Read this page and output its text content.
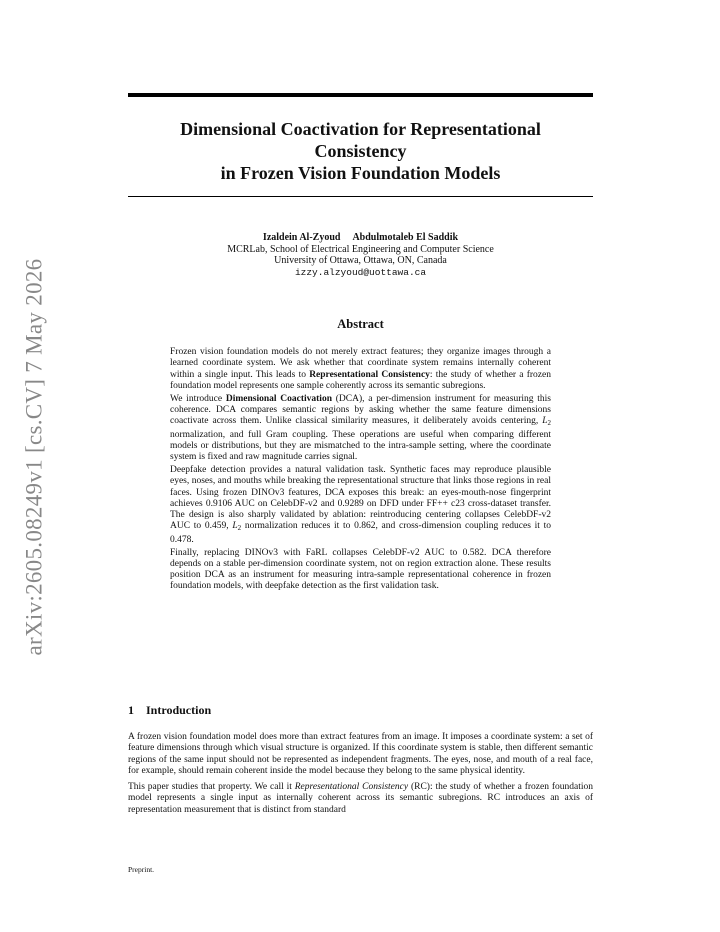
arXiv:2605.08249v1 [cs.CV] 7 May 2026
Dimensional Coactivation for Representational
Consistency
in Frozen Vision Foundation Models
Izaldein Al-Zyoud Abdulmotaleb El Saddik
MCRLab, School of Electrical Engineering and Computer Science
University of Ottawa, Ottawa, ON, Canada
izzy.alzyoud@uottawa.ca
Abstract

Frozen vision foundation models do not merely extract features; they organize images through a learned coordinate system. We ask whether that coordinate system remains internally coherent within a single input. This leads to Representational Consistency: the study of whether a frozen foundation model represents one sample coherently across its semantic subregions.

We introduce Dimensional Coactivation (DCA), a per-dimension instrument for measuring this coherence. DCA compares semantic regions by asking whether the same feature dimensions coactivate across them. Unlike classical similarity measures, it deliberately avoids centering, $L_2$ normalization, and full Gram coupling. These operations are useful when comparing different models or distributions, but they are mismatched to the intra-sample setting, where the coordinate system is fixed and raw magnitude carries signal.

Deepfake detection provides a natural validation task. Synthetic faces may reproduce plausible eyes, noses, and mouths while breaking the representational structure that links those regions in real faces. Using frozen DINOv3 features, DCA exposes this break: an eyes-mouth-nose fingerprint achieves 0.9106 AUC on CelebDF-v2 and 0.9289 on DFD under FF++ c23 cross-dataset transfer. The design is also sharply validated by ablation: reintroducing centering collapses CelebDF-v2 AUC to 0.459, $L_2$ normalization reduces it to 0.862, and cross-dimension coupling reduces it to 0.478.

Finally, replacing DINOv3 with FaRL collapses CelebDF-v2 AUC to 0.582. DCA therefore depends on a stable per-dimension coordinate system, not on region extraction alone. These results position DCA as an instrument for measuring intra-sample representational coherence in frozen foundation models, with deepfake detection as the first validation task.

1 Introduction

A frozen vision foundation model does more than extract features from an image. It imposes a coordinate system: a set of feature dimensions through which visual structure is organized. If this coordinate system is stable, then different semantic regions of the same input should not be represented as independent fragments. The eyes, nose, and mouth of a real face, for example, should remain coherent inside the model because they belong to the same physical identity.

This paper studies that property. We call it Representational Consistency (RC): the study of whether a frozen foundation model represents a single input as internally coherent across its semantic subregions. RC introduces an axis of representation measurement that is distinct from standard

Preprint.
